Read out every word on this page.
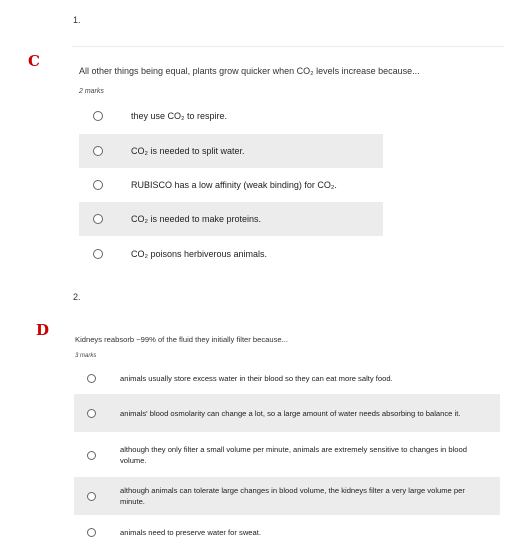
1.
C
All other things being equal, plants grow quicker when CO₂ levels increase because...
2 marks
they use CO₂ to respire.
CO₂ is needed to split water.
RUBISCO has a low affinity (weak binding) for CO₂.
CO₂ is needed to make proteins.
CO₂ poisons herbiverous animals.
2.
D
Kidneys reabsorb ~99% of the fluid they initially filter because...
3 marks
animals usually store excess water in their blood so they can eat more salty food.
animals' blood osmolarity can change a lot, so a large amount of water needs absorbing to balance it.
although they only filter a small volume per minute, animals are extremely sensitive to changes in blood volume.
although animals can tolerate large changes in blood volume, the kidneys filter a very large volume per minute.
animals need to preserve water for sweat.
